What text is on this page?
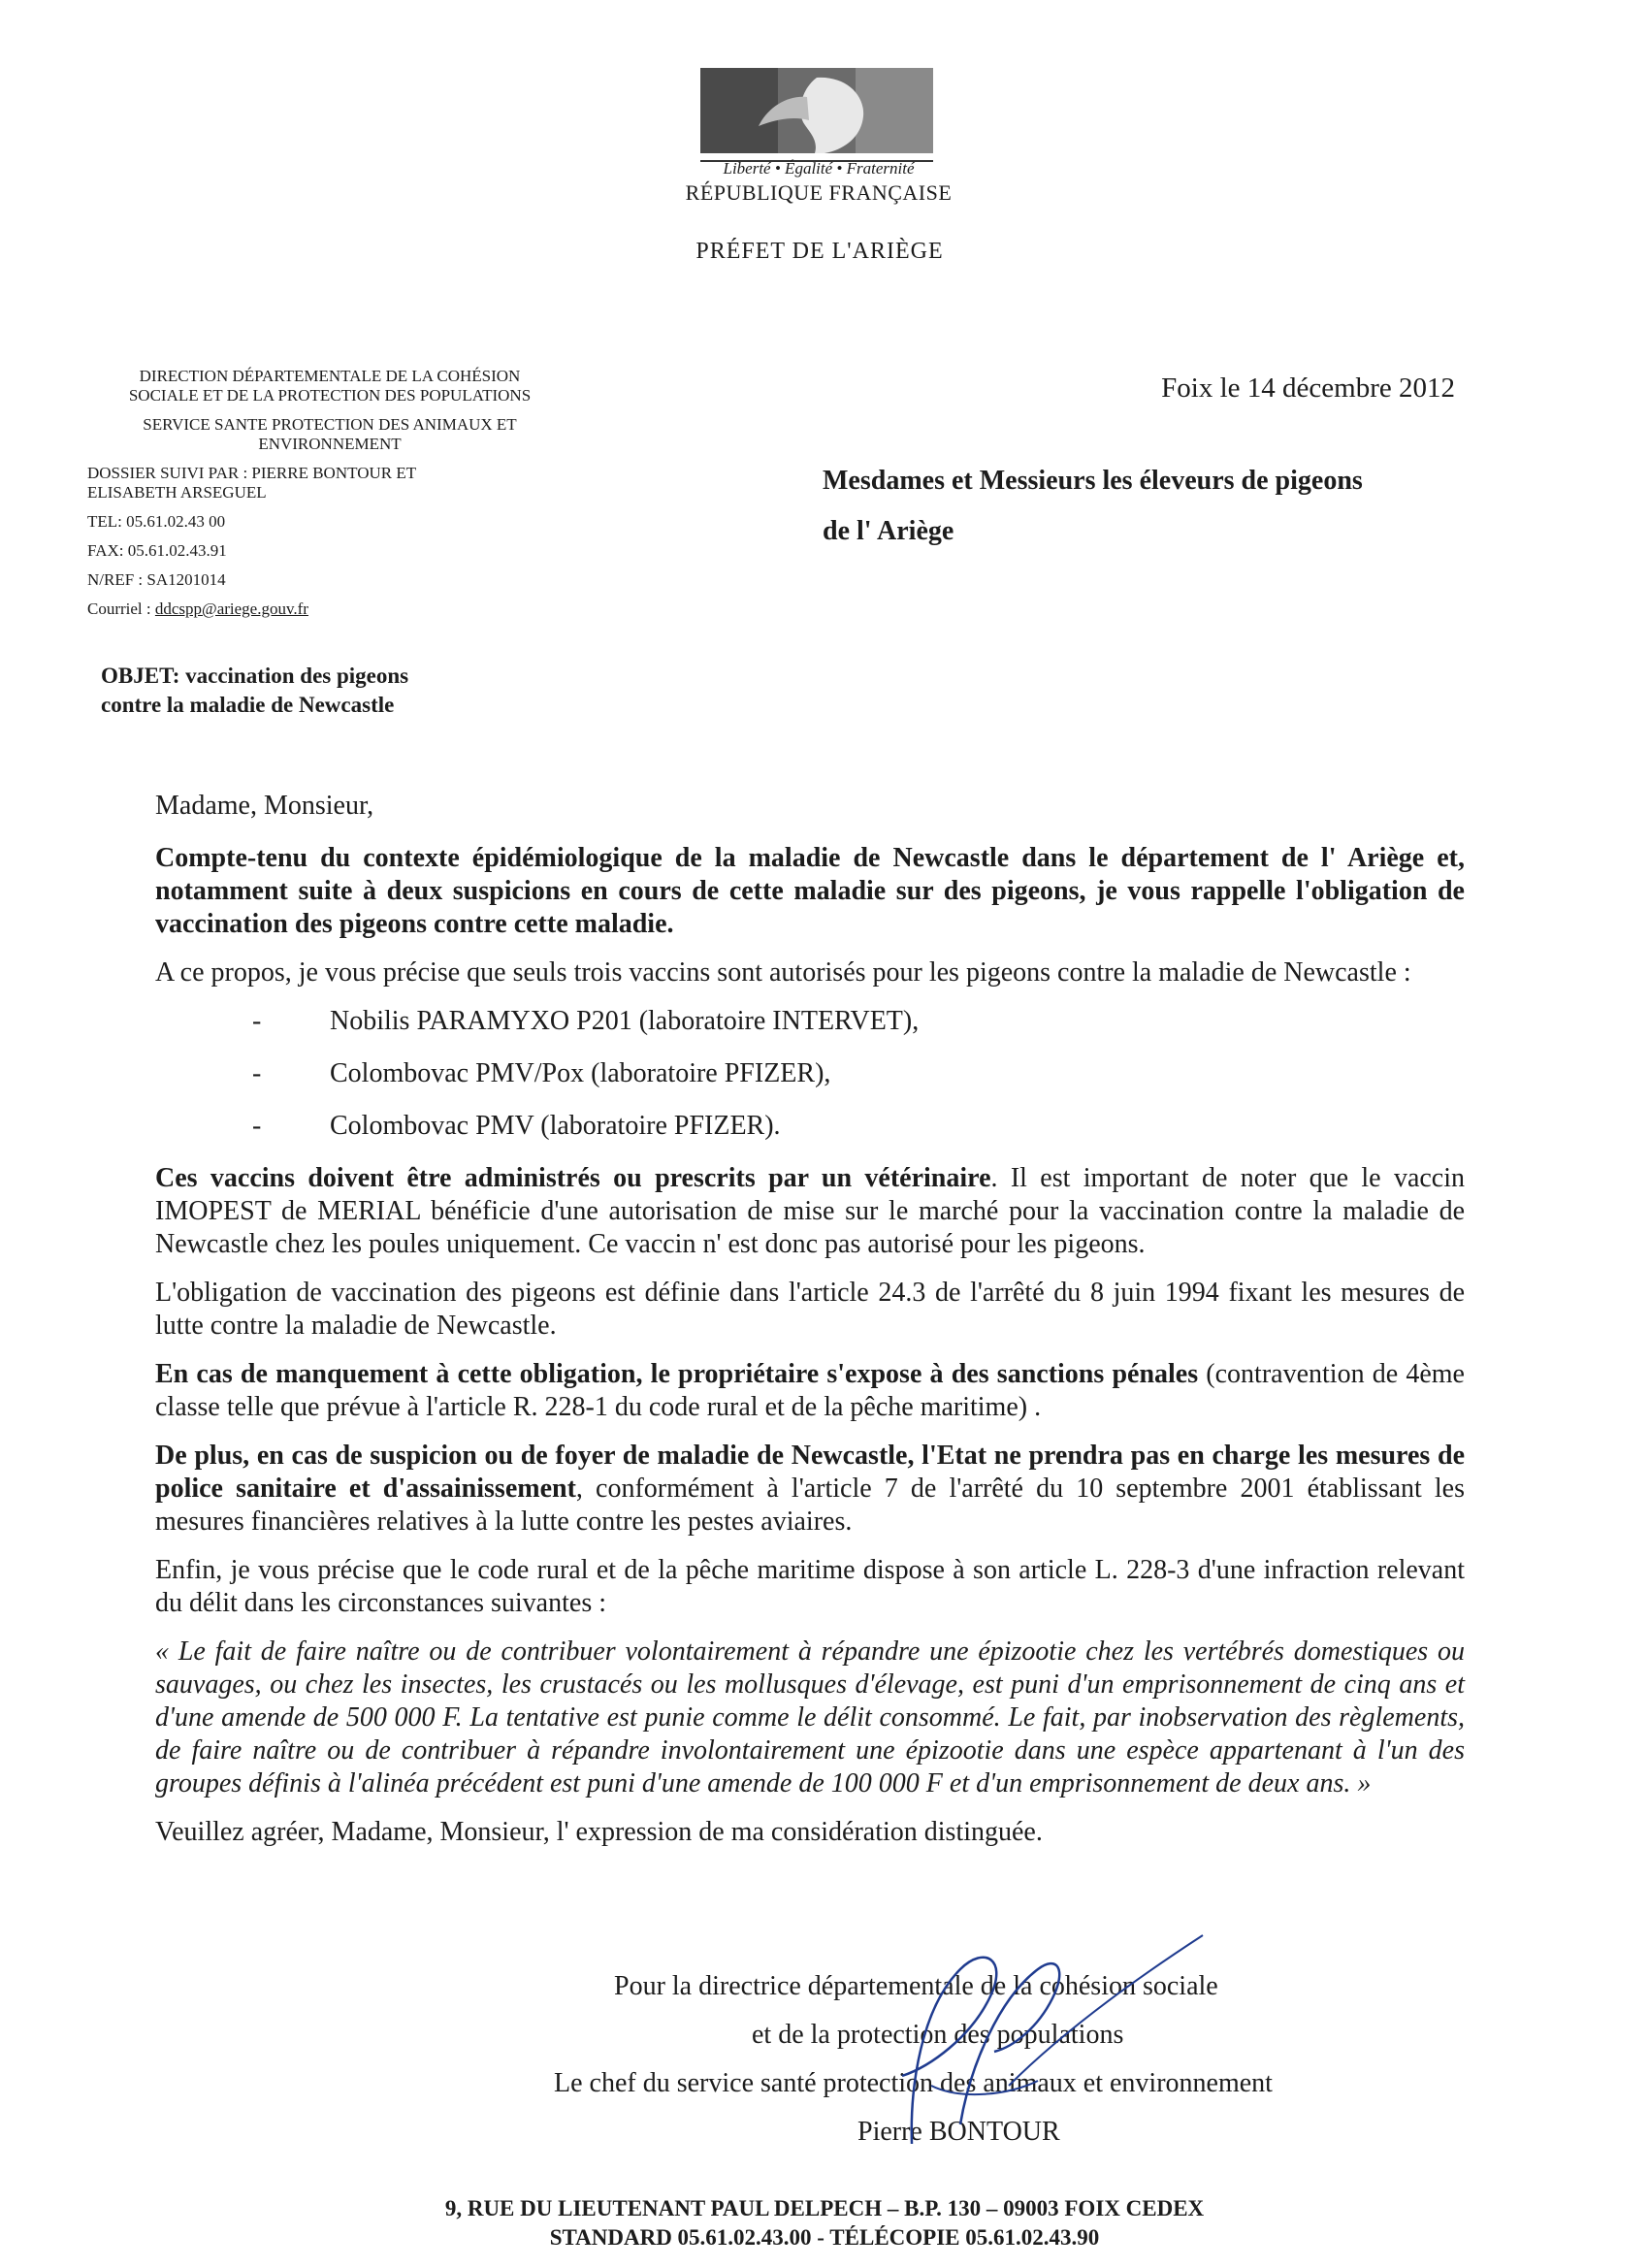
Liberté • Égalité • Fraternité
RÉPUBLIQUE FRANÇAISE
PRÉFET DE L'ARIÈGE
DIRECTION DÉPARTEMENTALE DE LA COHÉSION
SOCIALE ET DE LA PROTECTION DES POPULATIONS
SERVICE SANTE PROTECTION DES ANIMAUX ET
ENVIRONNEMENT
DOSSIER SUIVI PAR : PIERRE BONTOUR ET
ELISABETH ARSEGUEL
TEL: 05.61.02.43 00
FAX: 05.61.02.43.91
N/REF : SA1201014
Courriel : ddcspp@ariege.gouv.fr
OBJET: vaccination des pigeons
contre la maladie de Newcastle
Foix le 14 décembre 2012
Mesdames et Messieurs les éleveurs de pigeons
de l' Ariège

Madame, Monsieur,

Compte-tenu du contexte épidémiologique de la maladie de Newcastle dans le département de l' Ariège et, notamment suite à deux suspicions en cours de cette maladie sur des pigeons, je vous rappelle l'obligation de vaccination des pigeons contre cette maladie.

A ce propos, je vous précise que seuls trois vaccins sont autorisés pour les pigeons contre la maladie de Newcastle :

-	Nobilis PARAMYXO P201 (laboratoire INTERVET),
-	Colombovac PMV/Pox (laboratoire PFIZER),
-	Colombovac PMV (laboratoire PFIZER).

Ces vaccins doivent être administrés ou prescrits par un vétérinaire. Il est important de noter que le vaccin IMOPEST de MERIAL bénéficie d'une autorisation de mise sur le marché pour la vaccination contre la maladie de Newcastle chez les poules uniquement. Ce vaccin n' est donc pas autorisé pour les pigeons.

L'obligation de vaccination des pigeons est définie dans l'article 24.3 de l'arrêté du 8 juin 1994 fixant les mesures de lutte contre la maladie de Newcastle.

En cas de manquement à cette obligation, le propriétaire s'expose à des sanctions pénales (contravention de 4ème classe telle que prévue à l'article R. 228-1 du code rural et de la pêche maritime) .

De plus, en cas de suspicion ou de foyer de maladie de Newcastle, l'Etat ne prendra pas en charge les mesures de police sanitaire et d'assainissement, conformément à l'article 7 de l'arrêté du 10 septembre 2001 établissant les mesures financières relatives à la lutte contre les pestes aviaires.

Enfin, je vous précise que le code rural et de la pêche maritime dispose à son article L. 228-3 d'une infraction relevant du délit dans les circonstances suivantes :

« Le fait de faire naître ou de contribuer volontairement à répandre une épizootie chez les vertébrés domestiques ou sauvages, ou chez les insectes, les crustacés ou les mollusques d'élevage, est puni d'un emprisonnement de cinq ans et d'une amende de 500 000 F. La tentative est punie comme le délit consommé. Le fait, par inobservation des règlements, de faire naître ou de contribuer à répandre involontairement une épizootie dans une espèce appartenant à l'un des groupes définis à l'alinéa précédent est puni d'une amende de 100 000 F et d'un emprisonnement de deux ans. »

Veuillez agréer, Madame, Monsieur, l' expression de ma considération distinguée.

Pour la directrice départementale de la cohésion sociale
et de la protection des populations
Le chef du service santé protection des animaux et environnement
Pierre BONTOUR
9, RUE DU LIEUTENANT PAUL DELPECH – B.P. 130 – 09003 FOIX CEDEX
STANDARD 05.61.02.43.00 - TÉLÉCOPIE 05.61.02.43.90
